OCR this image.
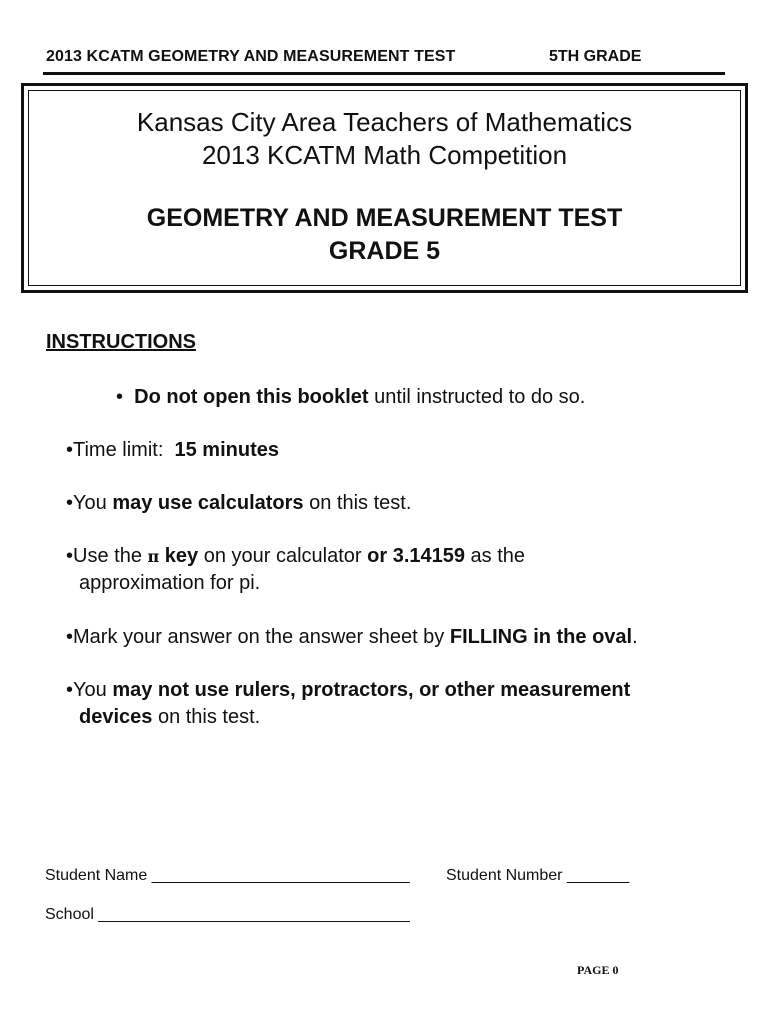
2013 KCATM GEOMETRY AND MEASUREMENT TEST	5TH GRADE
Kansas City Area Teachers of Mathematics
2013 KCATM Math Competition
GEOMETRY AND MEASUREMENT TEST
GRADE 5
INSTRUCTIONS
• Do not open this booklet until instructed to do so.
•Time limit:  15 minutes
•You may use calculators on this test.
•Use the π key on your calculator or 3.14159 as the
approximation for pi.
•Mark your answer on the answer sheet by FILLING in the oval.
•You may not use rulers, protractors, or other measurement
devices on this test.
Student Name _____________________________ Student Number _______
School ___________________________________
PAGE 0
